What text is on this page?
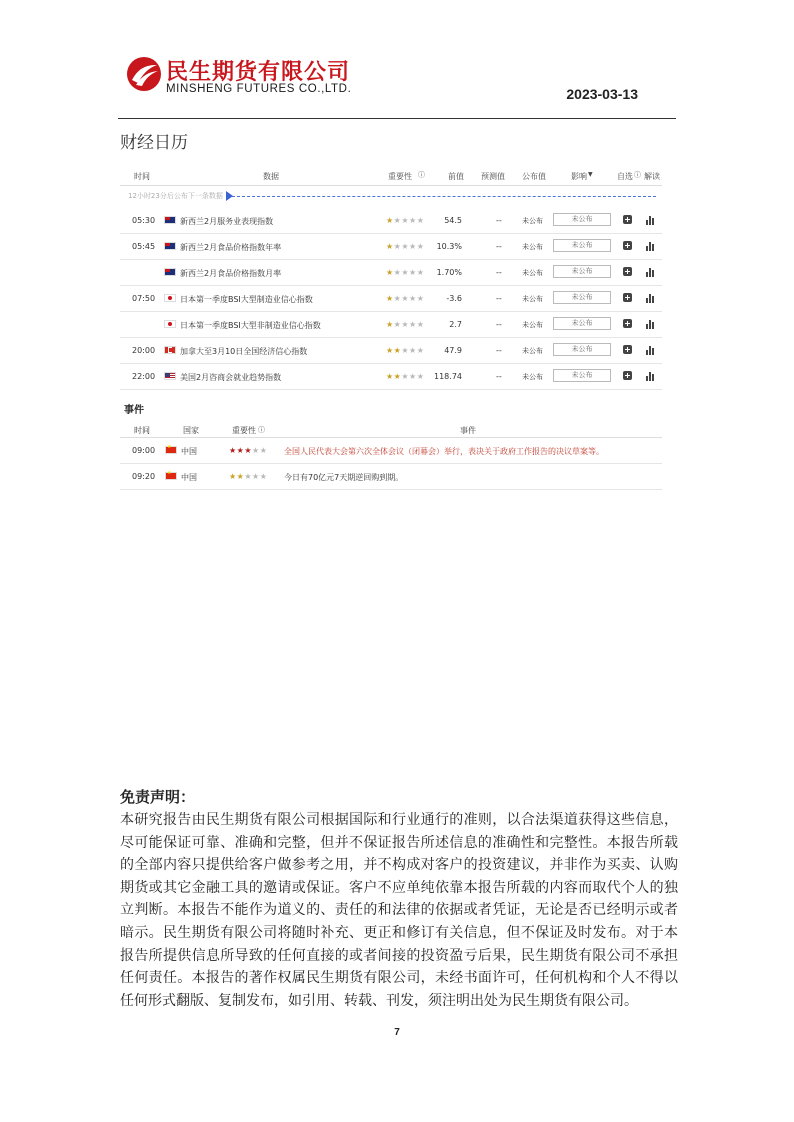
民生期货有限公司
MINSHENG FUTURES CO.,LTD.	2023-03-13
财经日历
时间	数据	重要性 ⓘ	前值 预测值 公布值	影响 ▼	自选 ⓘ 解读
12小时23分后公布下一条数据
05:30	新西兰2月服务业表现指数	★★★★★	54.5	--	未公布	未公布
05:45	新西兰2月食品价格指数年率	★★★★★	10.3%	--	未公布	未公布
新西兰2月食品价格指数月率	★★★★★	1.70%	--	未公布	未公布
07:50	日本第一季度BSI大型制造业信心指数	★★★★★	-3.6	--	未公布	未公布
日本第一季度BSI大型非制造业信心指数	★★★★★	2.7	--	未公布	未公布
20:00	加拿大至3月10日全国经济信心指数	★★★★★	47.9	--	未公布	未公布
22:00	美国2月咨商会就业趋势指数	★★★★★	118.74	--	未公布	未公布
事件
时间	国家	重要性 ⓘ	事件
09:00 ★	中国	★★★★★ 全国人民代表大会第六次全体会议（闭幕会）举行，表决关于政府工作报告的决议草案等。
09:20 ★	中国	★★★★★ 今日有70亿元7天期逆回购到期。
免责声明：
本研究报告由民生期货有限公司根据国际和行业通行的准则，以合法渠道获得这些信息，尽可能保证可靠、准确和完整，但并不保证报告所述信息的准确性和完整性。本报告所载的全部内容只提供给客户做参考之用，并不构成对客户的投资建议，并非作为买卖、认购期货或其它金融工具的邀请或保证。客户不应单纯依靠本报告所载的内容而取代个人的独立判断。本报告不能作为道义的、责任的和法律的依据或者凭证，无论是否已经明示或者暗示。民生期货有限公司将随时补充、更正和修订有关信息，但不保证及时发布。对于本报告所提供信息所导致的任何直接的或者间接的投资盈亏后果，民生期货有限公司不承担任何责任。本报告的著作权属民生期货有限公司，未经书面许可，任何机构和个人不得以任何形式翻版、复制发布，如引用、转载、刊发，须注明出处为民生期货有限公司。
7
